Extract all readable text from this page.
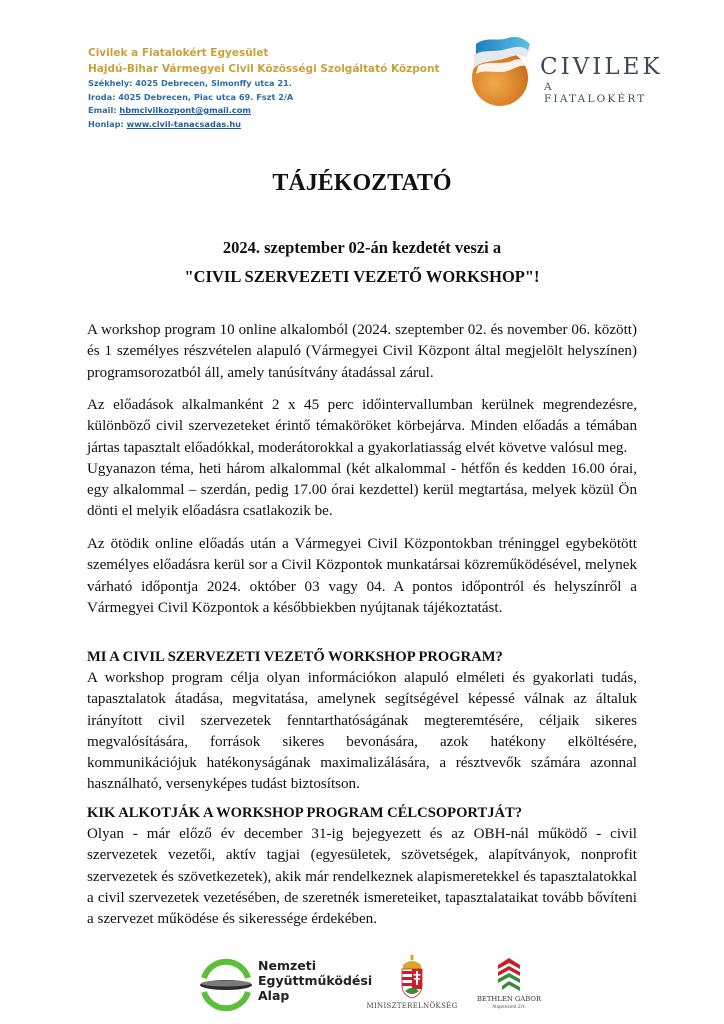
Civilek a Fiatalokért Egyesület
Hajdú-Bihar Vármegyei Civil Közösségi Szolgáltató Központ
Székhely: 4025 Debrecen, Simonffy utca 21.
Iroda: 4025 Debrecen, Piac utca 69. Fszt 2/A
Email: hbmcivilkozpont@gmail.com
Honlap: www.civil-tanacsadas.hu
CIVILEK
A FIATALOKÉRT
TÁJÉKOZTATÓ
2024. szeptember 02-án kezdetét veszi a
"CIVIL SZERVEZETI VEZETŐ WORKSHOP"!

A workshop program 10 online alkalomból (2024. szeptember 02. és november 06. között) és 1 személyes részvételen alapuló (Vármegyei Civil Központ által megjelölt helyszínen) programsorozatból áll, amely tanúsítvány átadással zárul.

Az előadások alkalmanként 2 x 45 perc időintervallumban kerülnek megrendezésre, különböző civil szervezeteket érintő témaköröket körbejárva. Minden előadás a témában jártas tapasztalt előadókkal, moderátorokkal a gyakorlatiasság elvét követve valósul meg.

Ugyanazon téma, heti három alkalommal (két alkalommal - hétfőn és kedden 16.00 órai, egy alkalommal – szerdán, pedig 17.00 órai kezdettel) kerül megtartása, melyek közül Ön dönti el melyik előadásra csatlakozik be.

Az ötödik online előadás után a Vármegyei Civil Központokban tréninggel egybekötött személyes előadásra kerül sor a Civil Központok munkatársai közreműködésével, melynek várható időpontja 2024. október 03 vagy 04. A pontos időpontról és helyszínről a Vármegyei Civil Központok a későbbiekben nyújtanak tájékoztatást.

MI A CIVIL SZERVEZETI VEZETŐ WORKSHOP PROGRAM?

A workshop program célja olyan információkon alapuló elméleti és gyakorlati tudás, tapasztalatok átadása, megvitatása, amelynek segítségével képessé válnak az általuk irányított civil szervezetek fenntarthatóságának megteremtésére, céljaik sikeres megvalósítására, források sikeres bevonására, azok hatékony elköltésére, kommunikációjuk hatékonyságának maximalizálására, a résztvevők számára azonnal használható, versenyképes tudást biztosítson.

KIK ALKOTJÁK A WORKSHOP PROGRAM CÉLCSOPORTJÁT?

Olyan - már előző év december 31-ig bejegyezett és az OBH-nál működő - civil szervezetek vezetői, aktív tagjai (egyesületek, szövetségek, alapítványok, nonprofit szervezetek és szövetkezetek), akik már rendelkeznek alapismeretekkel és tapasztalatokkal a civil szervezetek vezetésében, de szeretnék ismereteiket, tapasztalataikat tovább bővíteni a szervezet működése és sikeressége érdekében.

Nemzeti
Együttműködési
Alap
MINISZTERELNÖKSÉG
BETHLEN GÁBOR
Alapkezelő Zrt.
